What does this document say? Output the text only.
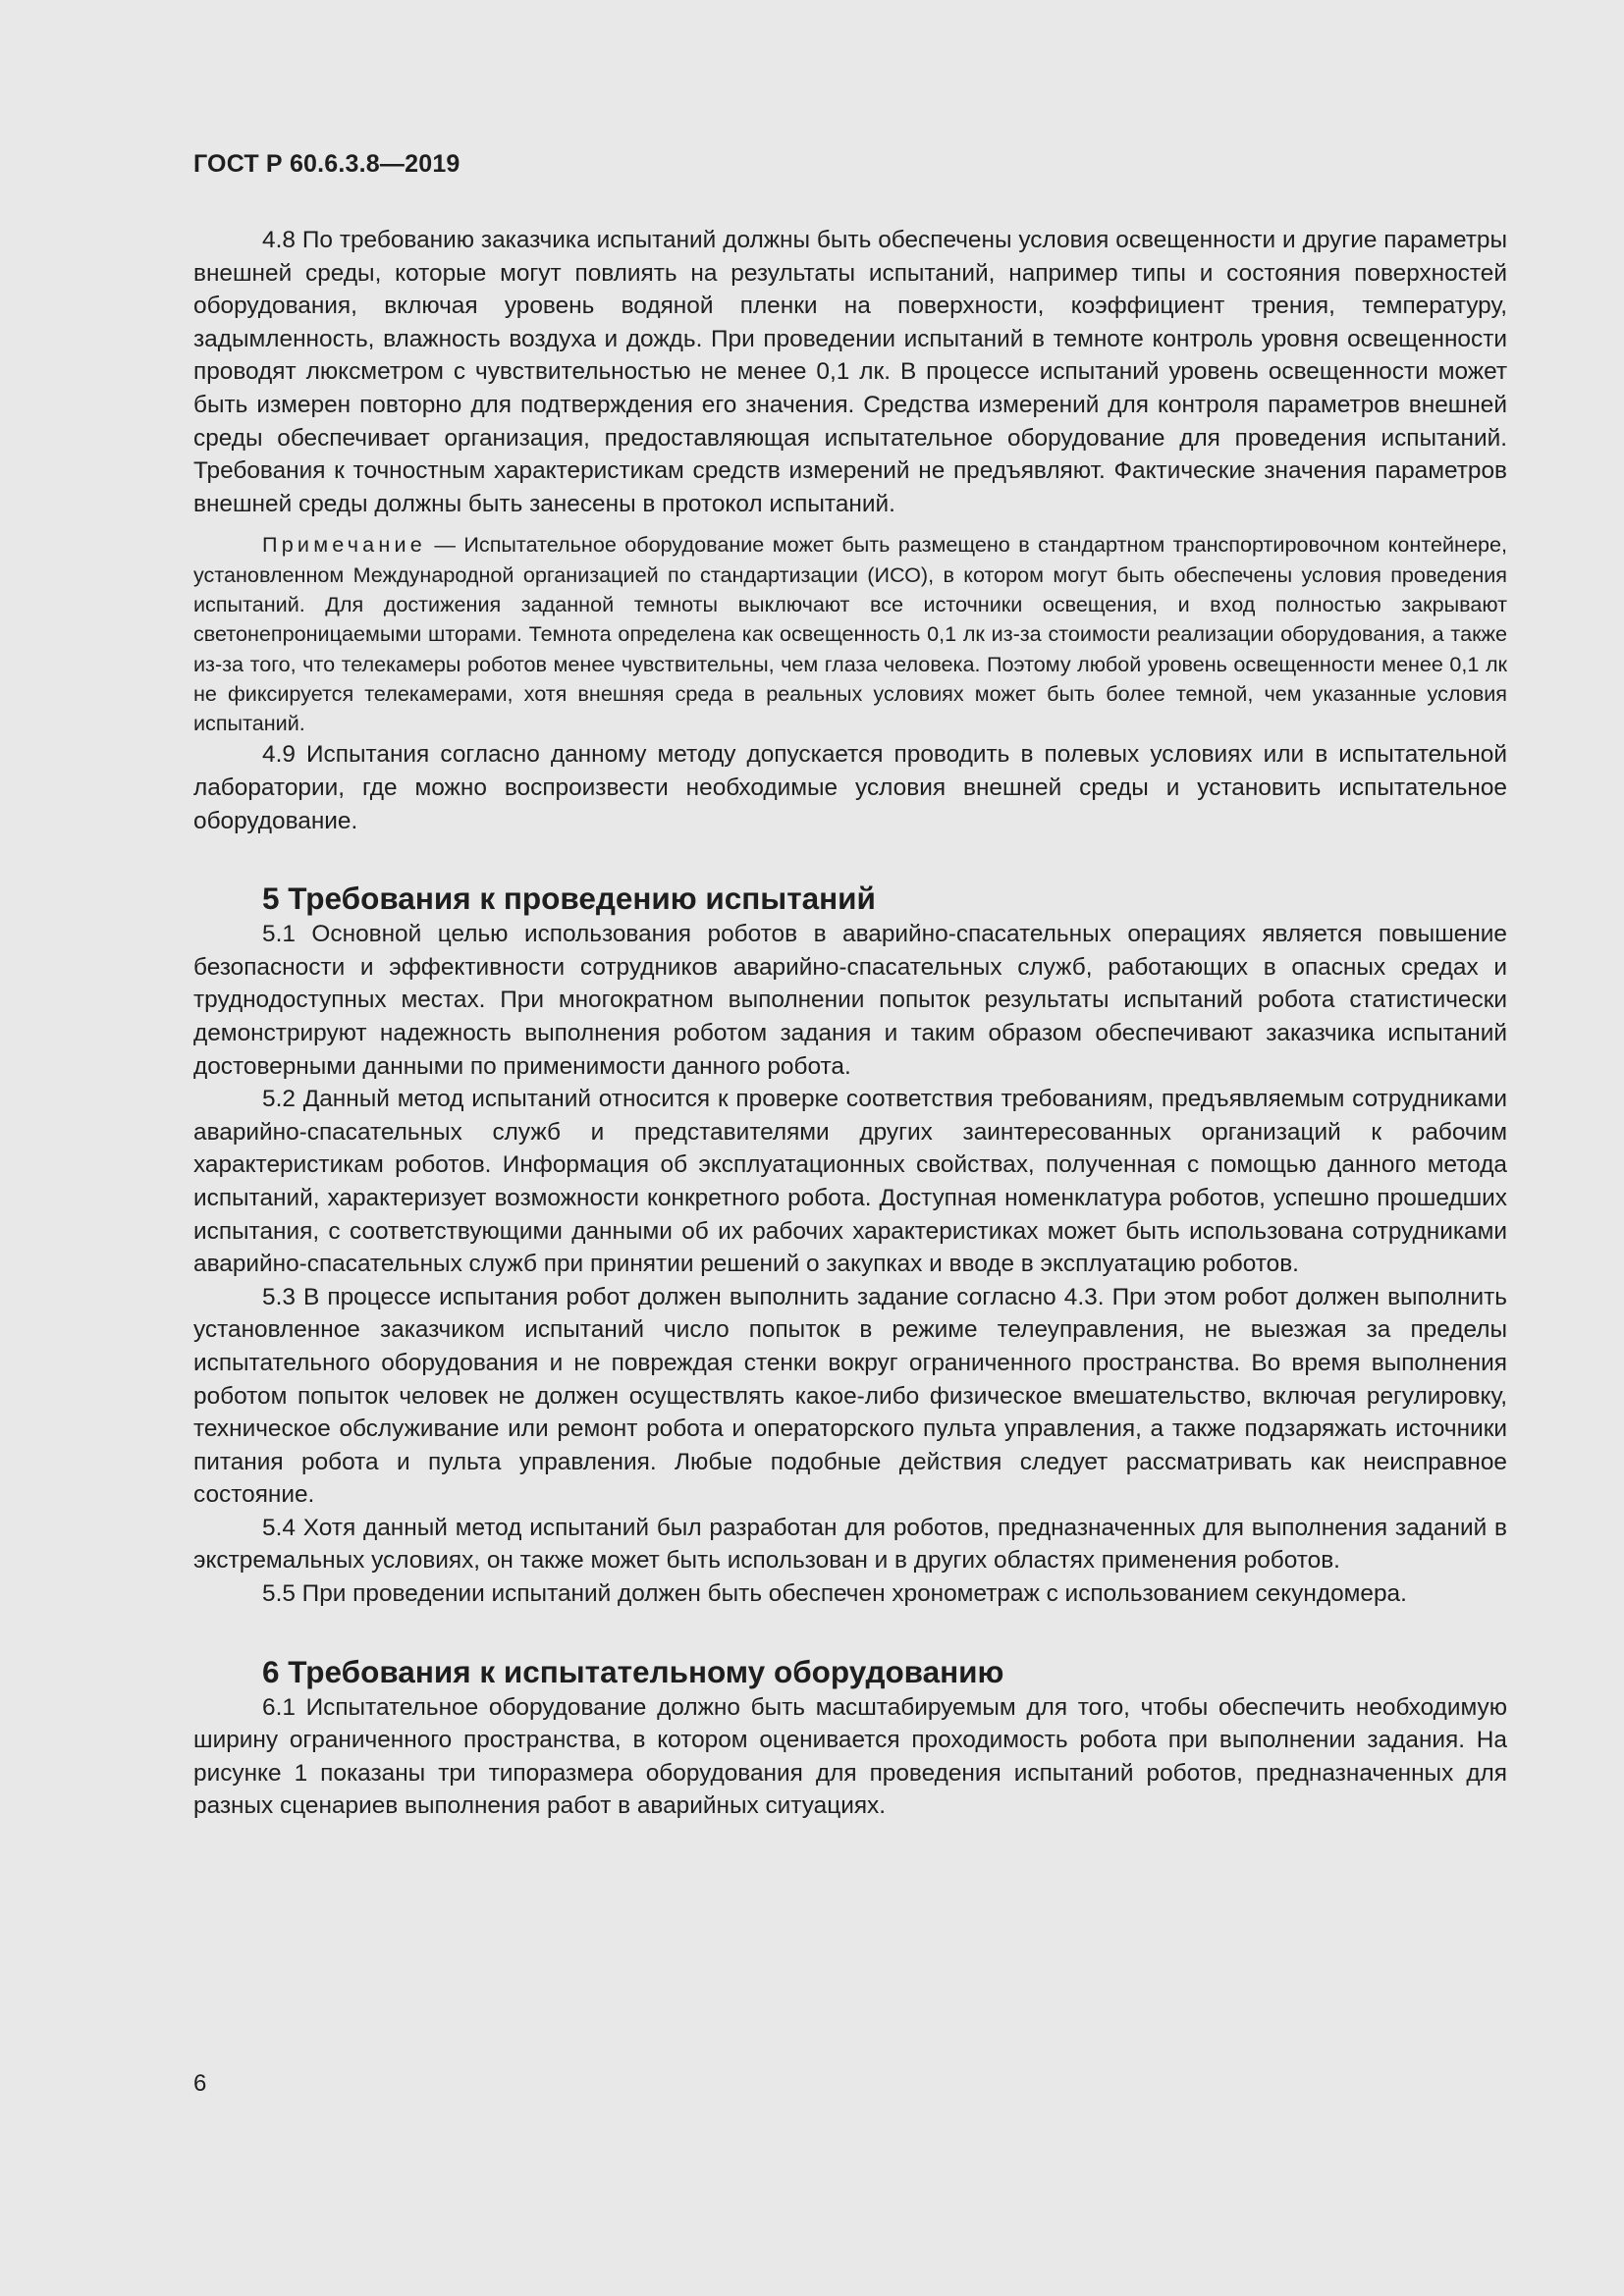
ГОСТ Р 60.6.3.8—2019

4.8 По требованию заказчика испытаний должны быть обеспечены условия освещенности и другие параметры внешней среды, которые могут повлиять на результаты испытаний, например типы и состояния поверхностей оборудования, включая уровень водяной пленки на поверхности, коэффициент трения, температуру, задымленность, влажность воздуха и дождь. При проведении испытаний в темноте контроль уровня освещенности проводят люксметром с чувствительностью не менее 0,1 лк. В процессе испытаний уровень освещенности может быть измерен повторно для подтверждения его значения. Средства измерений для контроля параметров внешней среды обеспечивает организация, предоставляющая испытательное оборудование для проведения испытаний. Требования к точностным характеристикам средств измерений не предъявляют. Фактические значения параметров внешней среды должны быть занесены в протокол испытаний.

Примечание — Испытательное оборудование может быть размещено в стандартном транспортировочном контейнере, установленном Международной организацией по стандартизации (ИСО), в котором могут быть обеспечены условия проведения испытаний. Для достижения заданной темноты выключают все источники освещения, и вход полностью закрывают светонепроницаемыми шторами. Темнота определена как освещенность 0,1 лк из-за стоимости реализации оборудования, а также из-за того, что телекамеры роботов менее чувствительны, чем глаза человека. Поэтому любой уровень освещенности менее 0,1 лк не фиксируется телекамерами, хотя внешняя среда в реальных условиях может быть более темной, чем указанные условия испытаний.

4.9 Испытания согласно данному методу допускается проводить в полевых условиях или в испытательной лаборатории, где можно воспроизвести необходимые условия внешней среды и установить испытательное оборудование.

5 Требования к проведению испытаний

5.1 Основной целью использования роботов в аварийно-спасательных операциях является повышение безопасности и эффективности сотрудников аварийно-спасательных служб, работающих в опасных средах и труднодоступных местах. При многократном выполнении попыток результаты испытаний робота статистически демонстрируют надежность выполнения роботом задания и таким образом обеспечивают заказчика испытаний достоверными данными по применимости данного робота.

5.2 Данный метод испытаний относится к проверке соответствия требованиям, предъявляемым сотрудниками аварийно-спасательных служб и представителями других заинтересованных организаций к рабочим характеристикам роботов. Информация об эксплуатационных свойствах, полученная с помощью данного метода испытаний, характеризует возможности конкретного робота. Доступная номенклатура роботов, успешно прошедших испытания, с соответствующими данными об их рабочих характеристиках может быть использована сотрудниками аварийно-спасательных служб при принятии решений о закупках и вводе в эксплуатацию роботов.

5.3 В процессе испытания робот должен выполнить задание согласно 4.3. При этом робот должен выполнить установленное заказчиком испытаний число попыток в режиме телеуправления, не выезжая за пределы испытательного оборудования и не повреждая стенки вокруг ограниченного пространства. Во время выполнения роботом попыток человек не должен осуществлять какое-либо физическое вмешательство, включая регулировку, техническое обслуживание или ремонт робота и операторского пульта управления, а также подзаряжать источники питания робота и пульта управления. Любые подобные действия следует рассматривать как неисправное состояние.

5.4 Хотя данный метод испытаний был разработан для роботов, предназначенных для выполнения заданий в экстремальных условиях, он также может быть использован и в других областях применения роботов.

5.5 При проведении испытаний должен быть обеспечен хронометраж с использованием секундомера.

6 Требования к испытательному оборудованию

6.1 Испытательное оборудование должно быть масштабируемым для того, чтобы обеспечить необходимую ширину ограниченного пространства, в котором оценивается проходимость робота при выполнении задания. На рисунке 1 показаны три типоразмера оборудования для проведения испытаний роботов, предназначенных для разных сценариев выполнения работ в аварийных ситуациях.

6
